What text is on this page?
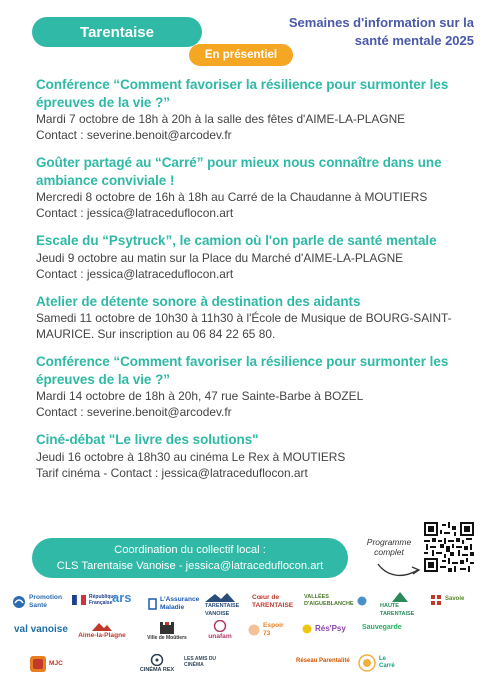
Tarentaise
En présentiel
Semaines d'information sur la
santé mentale 2025
Conférence “Comment favoriser la résilience pour surmonter les épreuves de la vie ?”
Mardi 7 octobre de 18h à 20h à la salle des fêtes d'AIME-LA-PLAGNE
Contact : severine.benoit@arcodev.fr
Goûter partagé au “Carré” pour mieux nous connaître dans une ambiance conviviale !
Mercredi 8 octobre de 16h à 18h au Carré de la Chaudanne à MOUTIERS
Contact : jessica@latraceduflocon.art
Escale du “Psytruck”, le camion où l'on parle de santé mentale
Jeudi 9 octobre au matin sur la Place du Marché d'AIME-LA-PLAGNE
Contact : jessica@latraceduflocon.art
Atelier de détente sonore à destination des aidants
Samedi 11 octobre de 10h30 à 11h30 à l'École de Musique de BOURG-SAINT-MAURICE. Sur inscription au 06 84 22 65 80.
Conférence “Comment favoriser la résilience pour surmonter les épreuves de la vie ?”
Mardi 14 octobre de 18h à 20h, 47 rue Sainte-Barbe à BOZEL
Contact : severine.benoit@arcodev.fr
Ciné-débat "Le livre des solutions"
Jeudi 16 octobre à 18h30 au cinéma Le Rex à MOUTIERS
Tarif cinéma - Contact : jessica@latraceduflocon.art
Coordination du collectif local :
CLS Tarentaise Vanoise - jessica@latraceduflocon.art
Programme
complet
Promotion Santé
République Française ars	L'Assurance Maladie	TARENTAISE VANOISE
Cœur de TARENTAISE
VALLÉES D'AIGUEBLANCHE	HAUTE TARENTAISE
Savoie
val vanoise
Aime-la-Plagne	Ville de Moûtiers	unafam
Espoir 73	Rés'Psy Sauvegarde
MJC
CINÉMA REX
LES AMIS DU CINÉMA
Réseau Parentalité	Le Carré
